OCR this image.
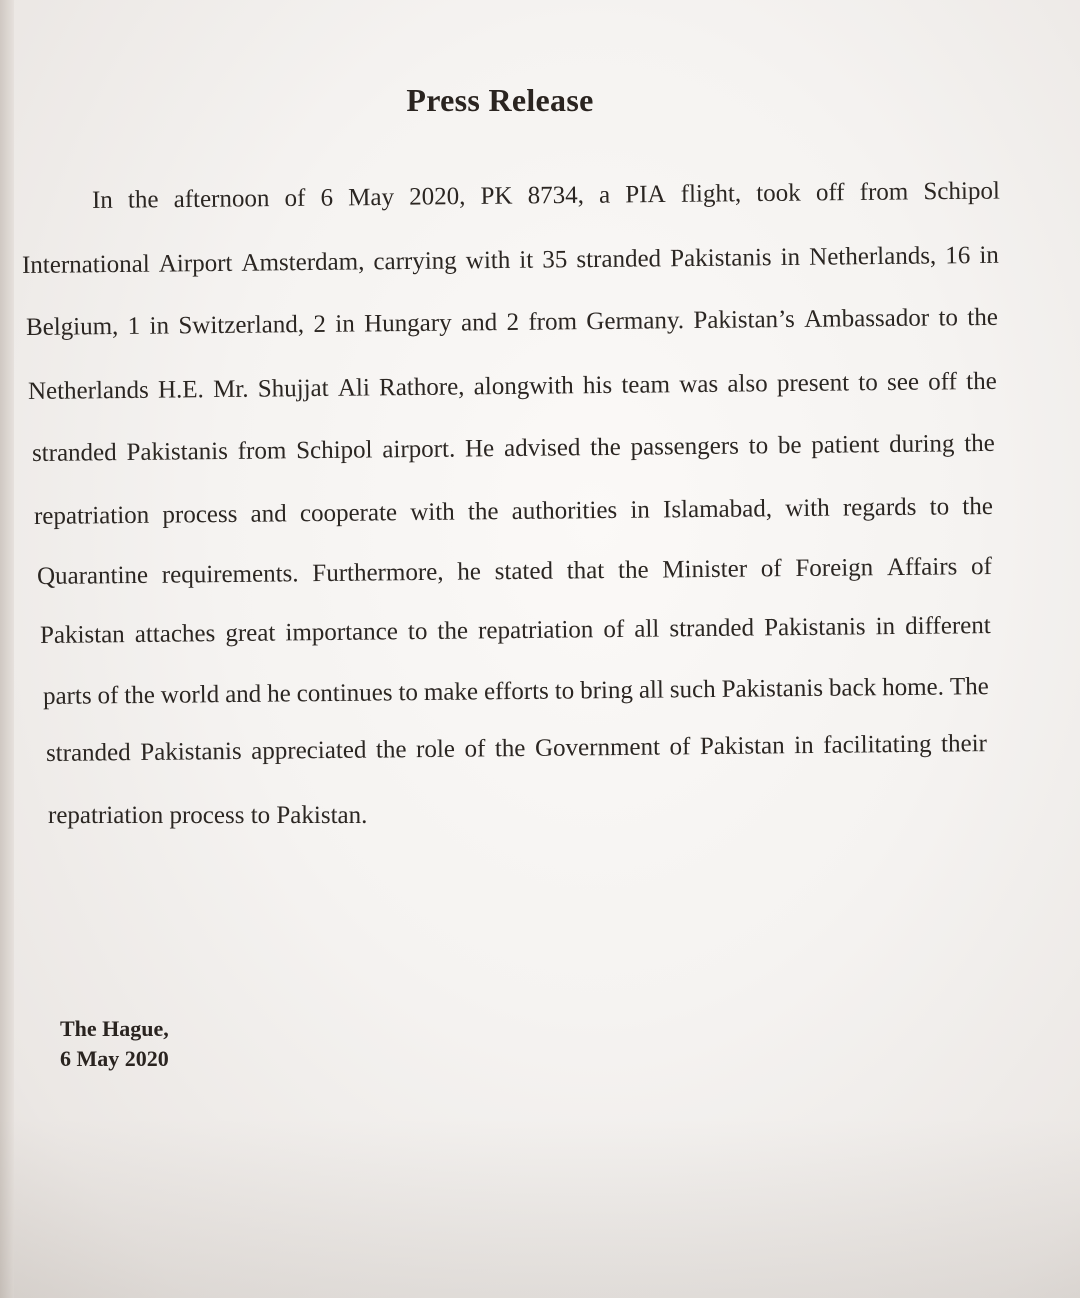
Press Release
In the afternoon of 6 May 2020, PK 8734, a PIA flight, took off from Schipol
International Airport Amsterdam, carrying with it 35 stranded Pakistanis in Netherlands, 16 in
Belgium, 1 in Switzerland, 2 in Hungary and 2 from Germany. Pakistan’s Ambassador to the
Netherlands H.E. Mr. Shujjat Ali Rathore, alongwith his team was also present to see off the
stranded Pakistanis from Schipol airport. He advised the passengers to be patient during the
repatriation process and cooperate with the authorities in Islamabad, with regards to the
Quarantine requirements. Furthermore, he stated that the Minister of Foreign Affairs of
Pakistan attaches great importance to the repatriation of all stranded Pakistanis in different
parts of the world and he continues to make efforts to bring all such Pakistanis back home. The
stranded Pakistanis appreciated the role of the Government of Pakistan in facilitating their
repatriation process to Pakistan.
The Hague,
6 May 2020
